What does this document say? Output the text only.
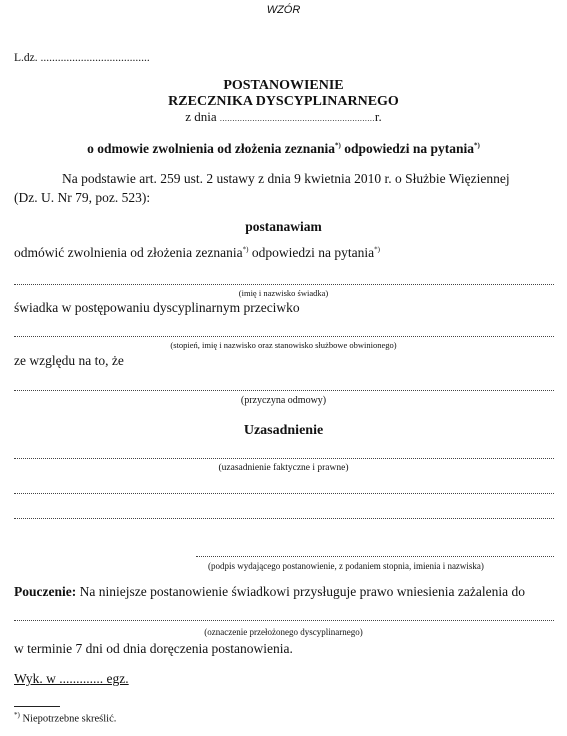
WZÓR
L.dz. ......................................
POSTANOWIENIE
RZECZNIKA DYSCYPLINARNEGO
z dnia ..............................................................r.
o odmowie zwolnienia od złożenia zeznania*) odpowiedzi na pytania*)
Na podstawie art. 259 ust. 2 ustawy z dnia 9 kwietnia 2010 r. o Służbie Więziennej
(Dz. U. Nr 79, poz. 523):
postanawiam
odmówić zwolnienia od złożenia zeznania*) odpowiedzi na pytania*)
(imię i nazwisko świadka)
świadka w postępowaniu dyscyplinarnym przeciwko
(stopień, imię i nazwisko oraz stanowisko służbowe obwinionego)
ze względu na to, że
(przyczyna odmowy)
Uzasadnienie
(uzasadnienie faktyczne i prawne)
(podpis wydającego postanowienie, z podaniem stopnia, imienia i nazwiska)
Pouczenie: Na niniejsze postanowienie świadkowi przysługuje prawo wniesienia zażalenia do
(oznaczenie przełożonego dyscyplinarnego)
w terminie 7 dni od dnia doręczenia postanowienia.
Wyk. w ............. egz.
*) Niepotrzebne skreślić.
